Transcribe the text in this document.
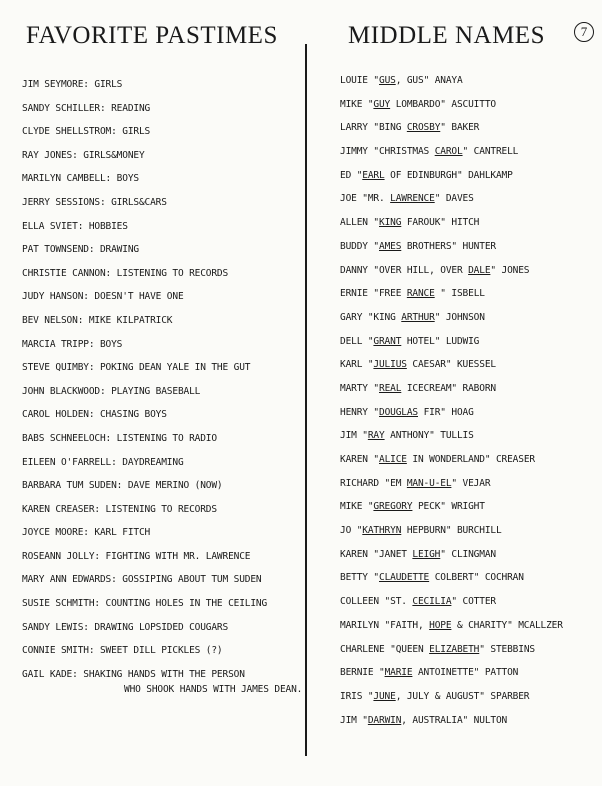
FAVORITE PASTIMES	MIDDLE NAMES	7
JIM SEYMORE: GIRLS
SANDY SCHILLER: READING
CLYDE SHELLSTROM: GIRLS
RAY JONES: GIRLS&MONEY
MARILYN CAMBELL: BOYS
JERRY SESSIONS: GIRLS&CARS
ELLA SVIET: HOBBIES
PAT TOWNSEND: DRAWING
CHRISTIE CANNON: LISTENING TO RECORDS
JUDY HANSON: DOESN'T HAVE ONE
BEV NELSON: MIKE KILPATRICK
MARCIA TRIPP: BOYS
STEVE QUIMBY: POKING DEAN YALE IN THE GUT
JOHN BLACKWOOD: PLAYING BASEBALL
CAROL HOLDEN: CHASING BOYS
BABS SCHNEELOCH: LISTENING TO RADIO
EILEEN O'FARRELL: DAYDREAMING
BARBARA TUM SUDEN: DAVE MERINO (NOW)
KAREN CREASER: LISTENING TO RECORDS
JOYCE MOORE: KARL FITCH
ROSEANN JOLLY: FIGHTING WITH MR. LAWRENCE
MARY ANN EDWARDS: GOSSIPING ABOUT TUM SUDEN
SUSIE SCHMITH: COUNTING HOLES IN THE CEILING
SANDY LEWIS: DRAWING LOPSIDED COUGARS
CONNIE SMITH: SWEET DILL PICKLES (?)
GAIL KADE: SHAKING HANDS WITH THE PERSON
WHO SHOOK HANDS WITH JAMES DEAN.
LOUIE "GUS, GUS" ANAYA
MIKE "GUY LOMBARDO" ASCUITTO
LARRY "BING CROSBY" BAKER
JIMMY "CHRISTMAS CAROL" CANTRELL
ED "EARL OF EDINBURGH" DAHLKAMP
JOE "MR. LAWRENCE" DAVES
ALLEN "KING FAROUK" HITCH
BUDDY "AMES BROTHERS" HUNTER
DANNY "OVER HILL, OVER DALE" JONES
ERNIE "FREE RANCE " ISBELL
GARY "KING ARTHUR" JOHNSON
DELL "GRANT HOTEL" LUDWIG
KARL "JULIUS CAESAR" KUESSEL
MARTY "REAL ICECREAM" RABORN
HENRY "DOUGLAS FIR" HOAG
JIM "RAY ANTHONY" TULLIS
KAREN "ALICE IN WONDERLAND" CREASER
RICHARD "EM MAN-U-EL" VEJAR
MIKE "GREGORY PECK" WRIGHT
JO "KATHRYN HEPBURN" BURCHILL
KAREN "JANET LEIGH" CLINGMAN
BETTY "CLAUDETTE COLBERT" COCHRAN
COLLEEN "ST. CECILIA" COTTER
MARILYN "FAITH, HOPE & CHARITY" MCALLZER
CHARLENE "QUEEN ELIZABETH" STEBBINS
BERNIE "MARIE ANTOINETTE" PATTON
IRIS "JUNE, JULY & AUGUST" SPARBER
JIM "DARWIN, AUSTRALIA" NULTON
